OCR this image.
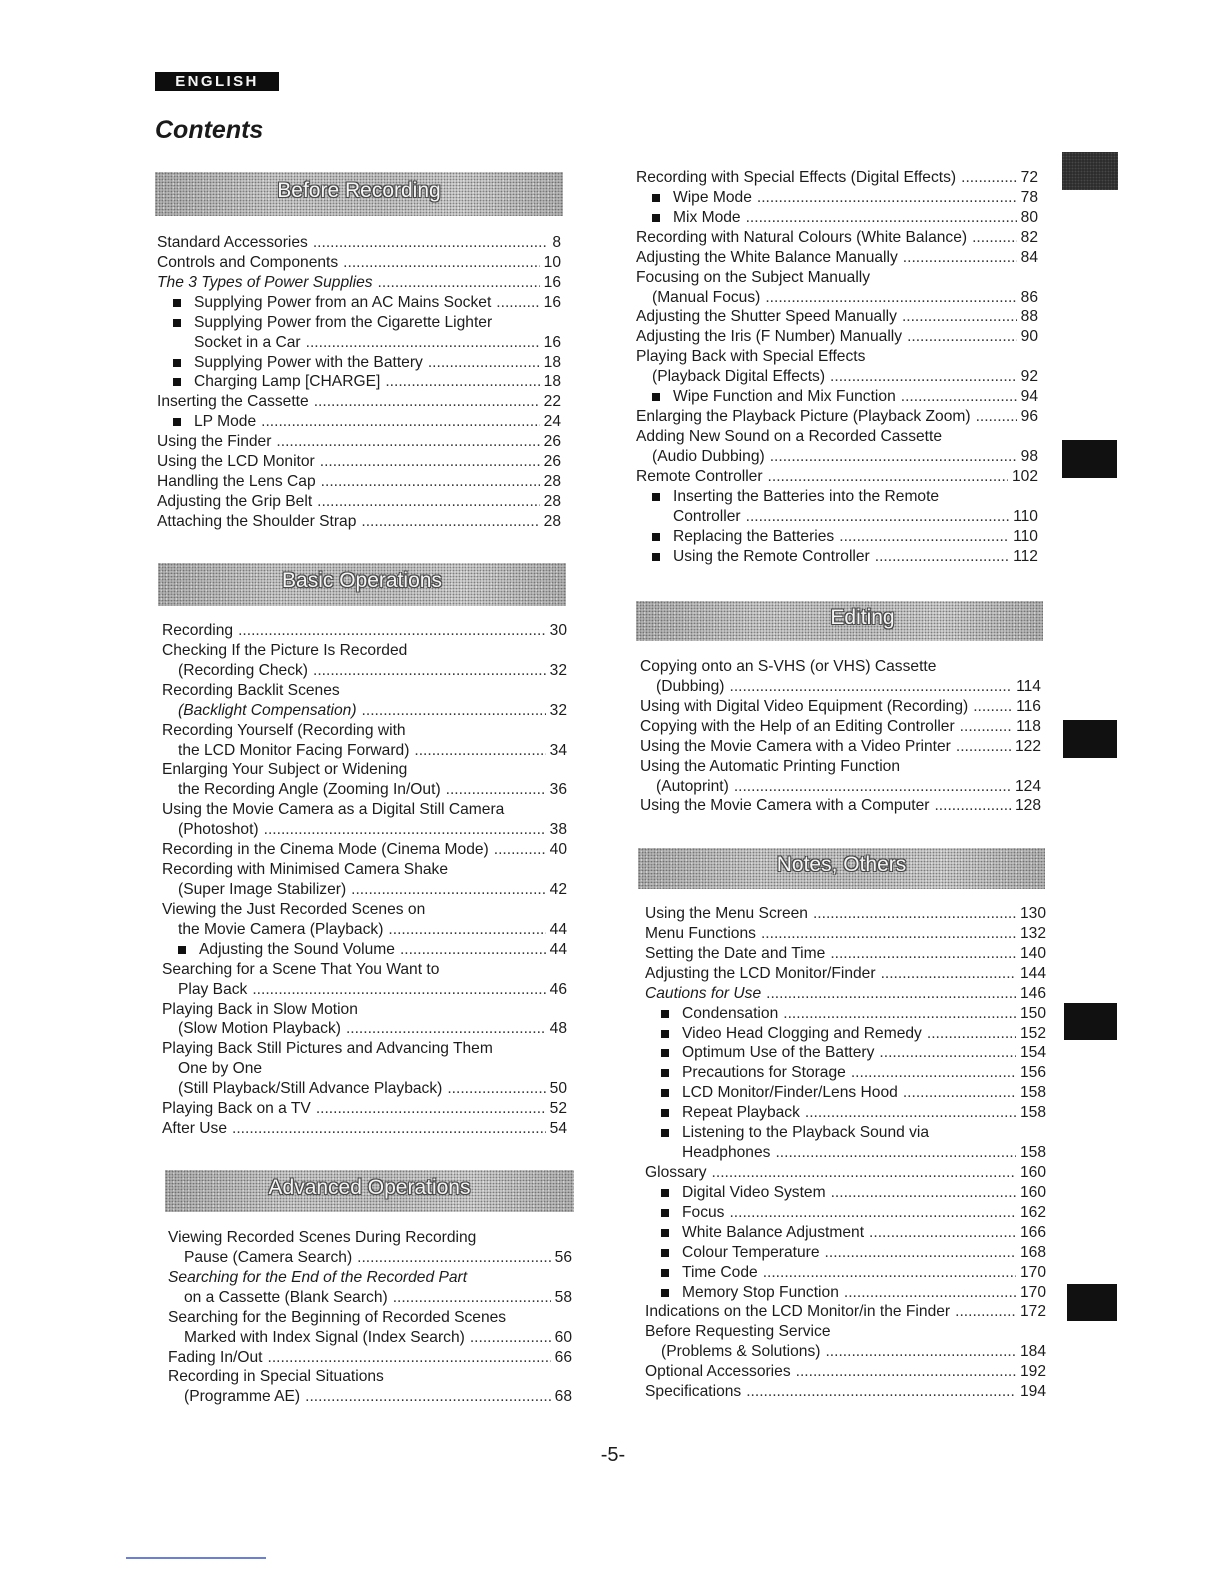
ENGLISH
Contents
Before Recording
Standard Accessories .....	8
Controls and Components .....	10
The 3 Types of Power Supplies .....	16
Supplying Power from an AC Mains Socket .....	16
Supplying Power from the Cigarette Lighter
Socket in a Car .....	16
Supplying Power with the Battery .....	18
Charging Lamp [CHARGE] .....	18
Inserting the Cassette .....	22
LP Mode .....	24
Using the Finder .....	26
Using the LCD Monitor .....	26
Handling the Lens Cap .....	28
Adjusting the Grip Belt .....	28
Attaching the Shoulder Strap .....	28
Basic Operations
Recording .....	30
Checking If the Picture Is Recorded
(Recording Check) .....	32
Recording Backlit Scenes
(Backlight Compensation) .....	32
Recording Yourself (Recording with
the LCD Monitor Facing Forward) .....	34
Enlarging Your Subject or Widening
the Recording Angle (Zooming In/Out) .....	36
Using the Movie Camera as a Digital Still Camera
(Photoshot) .....	38
Recording in the Cinema Mode (Cinema Mode) .....	40
Recording with Minimised Camera Shake
(Super Image Stabilizer) .....	42
Viewing the Just Recorded Scenes on
the Movie Camera (Playback) .....	44
Adjusting the Sound Volume .....	44
Searching for a Scene That You Want to
Play Back .....	46
Playing Back in Slow Motion
(Slow Motion Playback) .....	48
Playing Back Still Pictures and Advancing Them
One by One
(Still Playback/Still Advance Playback) .....	50
Playing Back on a TV .....	52
After Use .....	54
Advanced Operations
Viewing Recorded Scenes During Recording
Pause (Camera Search) .....	56
Searching for the End of the Recorded Part
on a Cassette (Blank Search) .....	58
Searching for the Beginning of Recorded Scenes
Marked with Index Signal (Index Search) .....	60
Fading In/Out .....	66
Recording in Special Situations
(Programme AE) .....	68
Recording with Special Effects (Digital Effects) .....	72
Wipe Mode .....	78
Mix Mode .....	80
Recording with Natural Colours (White Balance) .....	82
Adjusting the White Balance Manually .....	84
Focusing on the Subject Manually
(Manual Focus) .....	86
Adjusting the Shutter Speed Manually .....	88
Adjusting the Iris (F Number) Manually .....	90
Playing Back with Special Effects
(Playback Digital Effects) .....	92
Wipe Function and Mix Function .....	94
Enlarging the Playback Picture (Playback Zoom) .....	96
Adding New Sound on a Recorded Cassette
(Audio Dubbing) .....	98
Remote Controller .....	102
Inserting the Batteries into the Remote
Controller .....	110
Replacing the Batteries .....	110
Using the Remote Controller .....	112
Editing
Copying onto an S-VHS (or VHS) Cassette
(Dubbing) .....	114
Using with Digital Video Equipment (Recording) .....	116
Copying with the Help of an Editing Controller .....	118
Using the Movie Camera with a Video Printer .....	122
Using the Automatic Printing Function
(Autoprint) .....	124
Using the Movie Camera with a Computer .....	128
Notes, Others
Using the Menu Screen .....	130
Menu Functions .....	132
Setting the Date and Time .....	140
Adjusting the LCD Monitor/Finder .....	144
Cautions for Use .....	146
Condensation .....	150
Video Head Clogging and Remedy .....	152
Optimum Use of the Battery .....	154
Precautions for Storage .....	156
LCD Monitor/Finder/Lens Hood .....	158
Repeat Playback .....	158
Listening to the Playback Sound via
Headphones .....	158
Glossary .....	160
Digital Video System .....	160
Focus .....	162
White Balance Adjustment .....	166
Colour Temperature .....	168
Time Code .....	170
Memory Stop Function .....	170
Indications on the LCD Monitor/in the Finder .....	172
Before Requesting Service
(Problems & Solutions) .....	184
Optional Accessories .....	192
Specifications .....	194
-5-
